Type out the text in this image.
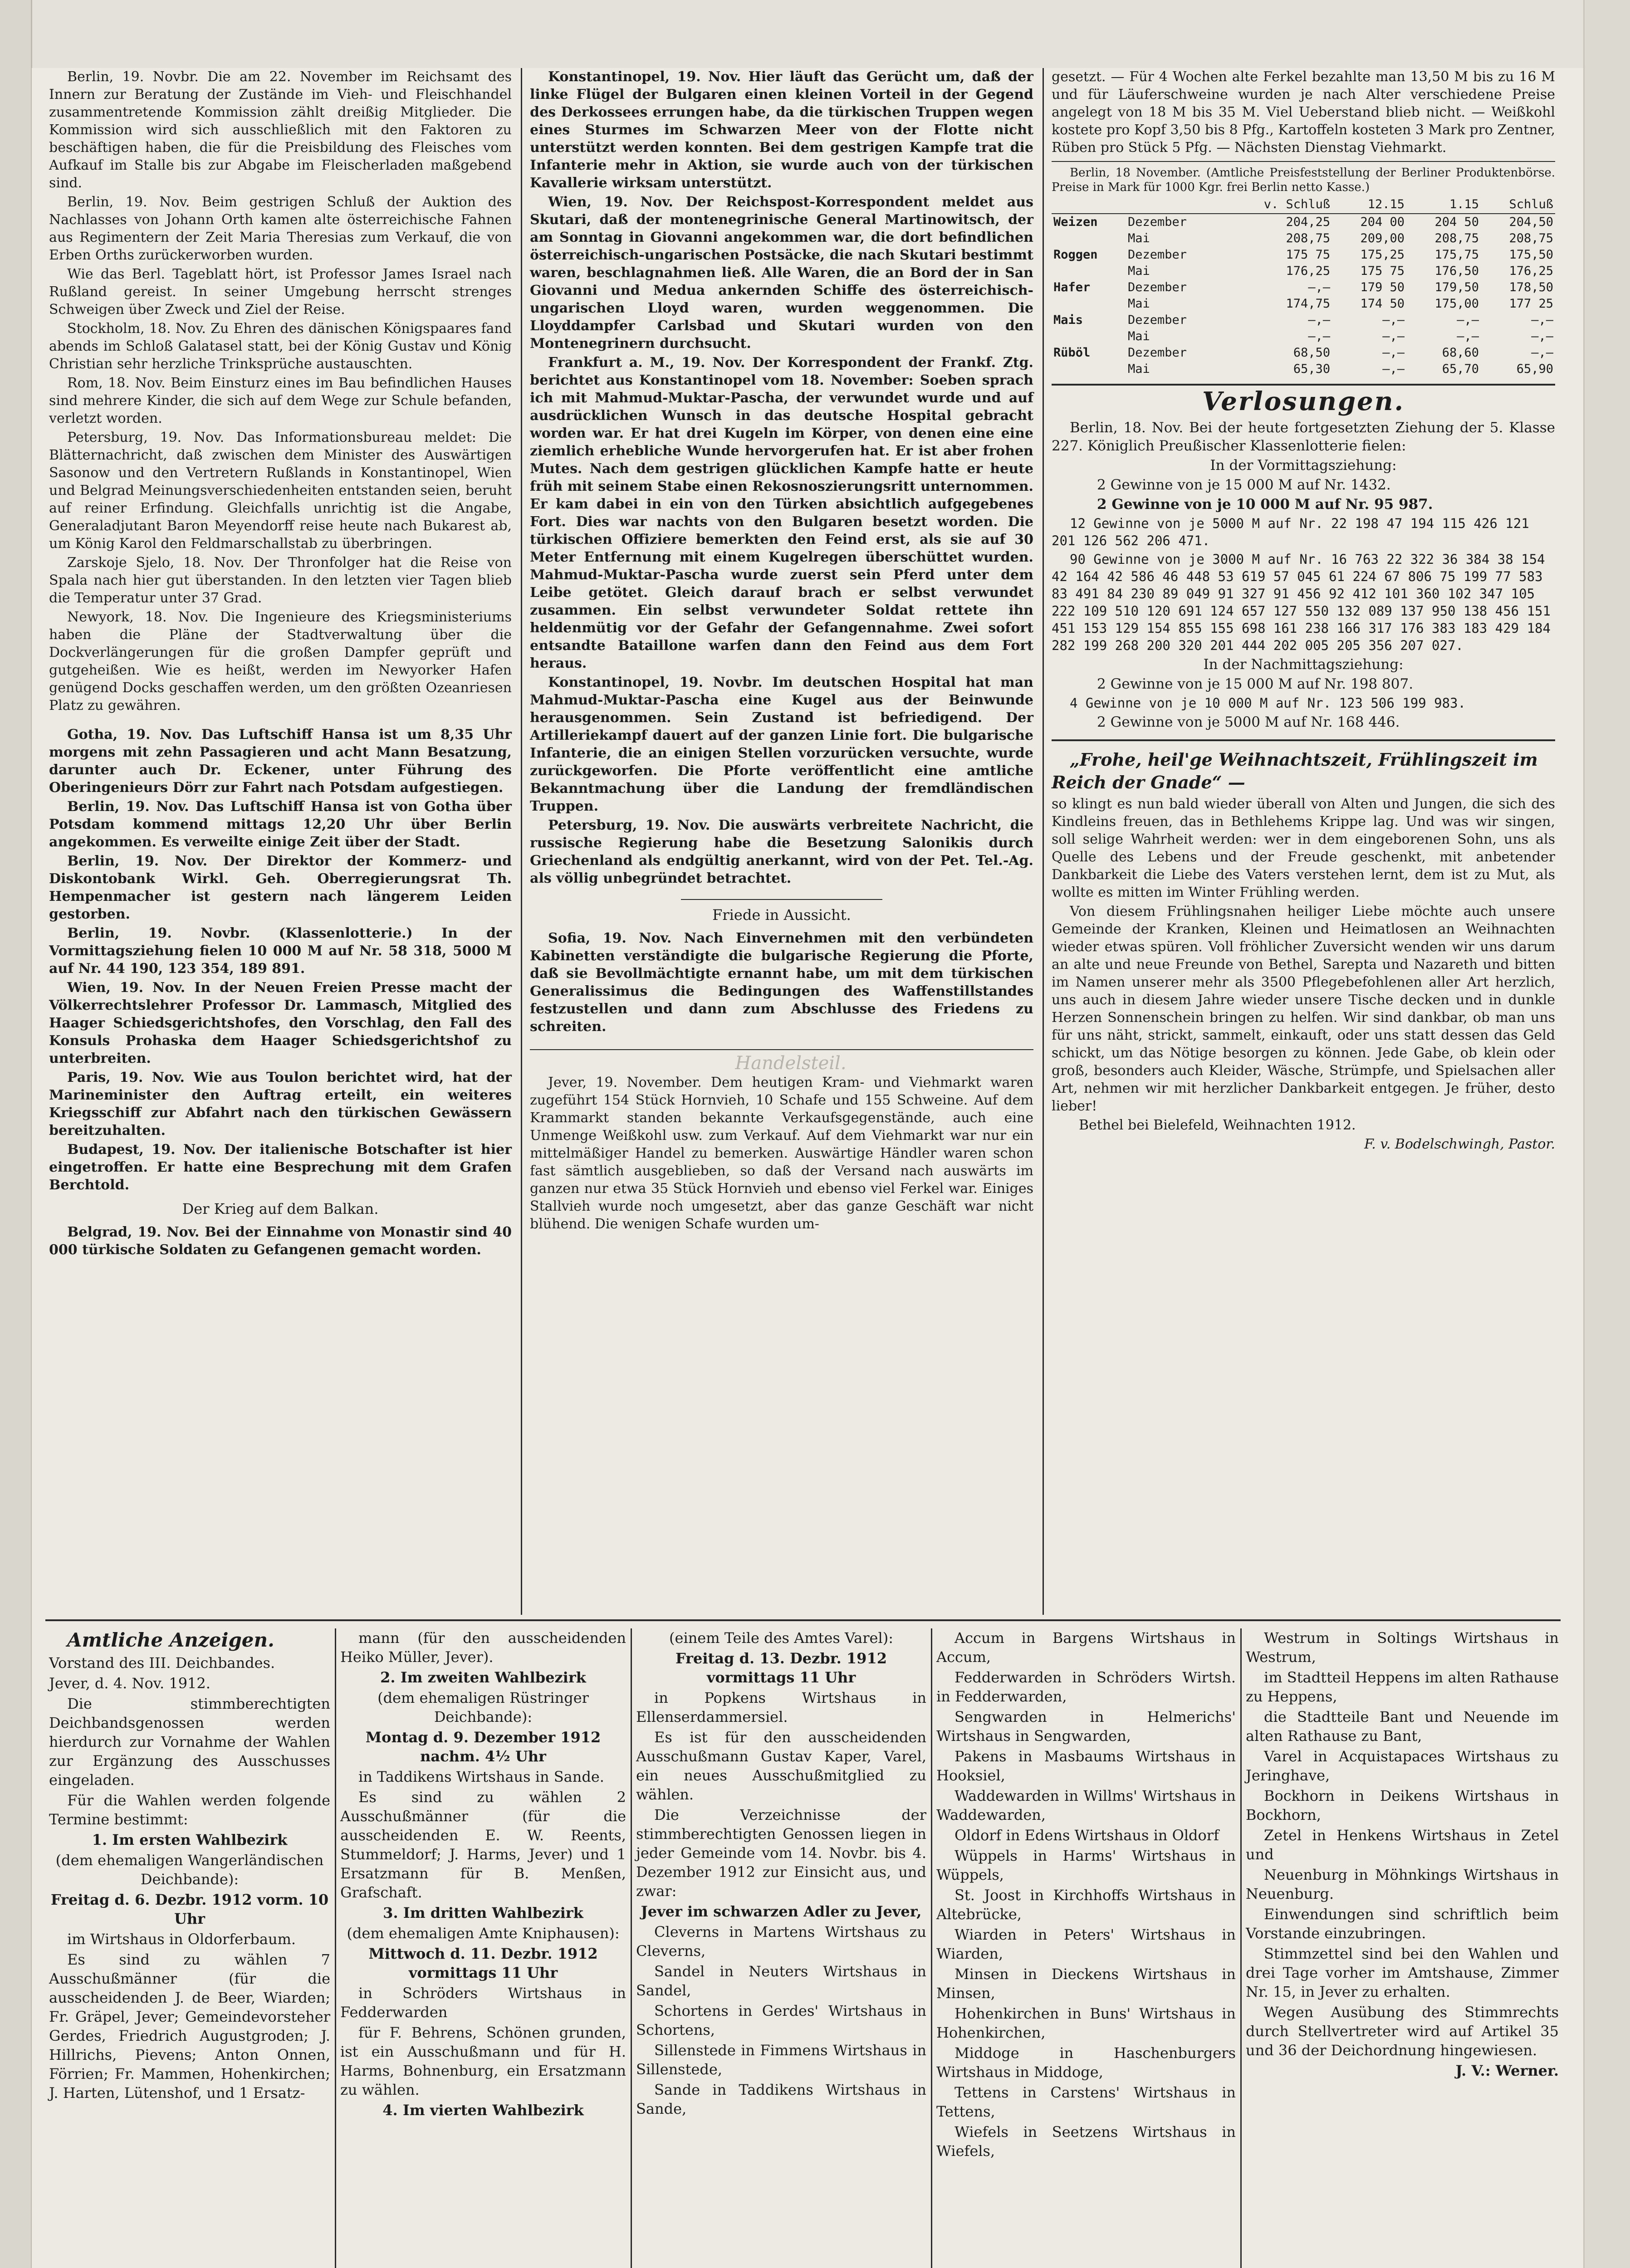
Berlin, 19. Novbr. Die am 22. November im Reichsamt des Innern zur Beratung der Zustände im Vieh- und Fleischhandel zusammentretende Kommission zählt dreißig Mitglieder. Die Kommission wird sich ausschließlich mit den Faktoren zu beschäftigen haben, die für die Preisbildung des Fleisches vom Aufkauf im Stalle bis zur Abgabe im Fleischerladen maßgebend sind.

Berlin, 19. Nov. Beim gestrigen Schluß der Auktion des Nachlasses von Johann Orth kamen alte österreichische Fahnen aus Regimentern der Zeit Maria Theresias zum Verkauf, die von Erben Orths zurückerworben wurden.

Wie das Berl. Tageblatt hört, ist Professor James Israel nach Rußland gereist. In seiner Umgebung herrscht strenges Schweigen über Zweck und Ziel der Reise.

Stockholm, 18. Nov. Zu Ehren des dänischen Königspaares fand abends im Schloß Galatasel statt, bei der König Gustav und König Christian sehr herzliche Trinksprüche austauschten.

Rom, 18. Nov. Beim Einsturz eines im Bau befindlichen Hauses sind mehrere Kinder, die sich auf dem Wege zur Schule befanden, verletzt worden.

Petersburg, 19. Nov. Das Informationsbureau meldet: Die Blätternachricht, daß zwischen dem Minister des Auswärtigen Sasonow und den Vertretern Rußlands in Konstantinopel, Wien und Belgrad Meinungsverschiedenheiten entstanden seien, beruht auf reiner Erfindung. Gleichfalls unrichtig ist die Angabe, Generaladjutant Baron Meyendorff reise heute nach Bukarest ab, um König Karol den Feldmarschallstab zu überbringen.

Zarskoje Sjelo, 18. Nov. Der Thronfolger hat die Reise von Spala nach hier gut überstanden. In den letzten vier Tagen blieb die Temperatur unter 37 Grad.

Newyork, 18. Nov. Die Ingenieure des Kriegsministeriums haben die Pläne der Stadtverwaltung über die Dockverlängerungen für die großen Dampfer geprüft und gutgeheißen. Wie es heißt, werden im Newyorker Hafen genügend Docks geschaffen werden, um den größten Ozeanriesen Platz zu gewähren.

Gotha, 19. Nov. Das Luftschiff Hansa ist um 8,35 Uhr morgens mit zehn Passagieren und acht Mann Besatzung, darunter auch Dr. Eckener, unter Führung des Oberingenieurs Dörr zur Fahrt nach Potsdam aufgestiegen.

Berlin, 19. Nov. Das Luftschiff Hansa ist von Gotha über Potsdam kommend mittags 12,20 Uhr über Berlin angekommen. Es verweilte einige Zeit über der Stadt.

Berlin, 19. Nov. Der Direktor der Kommerz- und Diskontobank Wirkl. Geh. Oberregierungsrat Th. Hempenmacher ist gestern nach längerem Leiden gestorben.

Berlin, 19. Novbr. (Klassenlotterie.) In der Vormittagsziehung fielen 10 000 M auf Nr. 58 318, 5000 M auf Nr. 44 190, 123 354, 189 891.

Wien, 19. Nov. In der Neuen Freien Presse macht der Völkerrechtslehrer Professor Dr. Lammasch, Mitglied des Haager Schiedsgerichtshofes, den Vorschlag, den Fall des Konsuls Prohaska dem Haager Schiedsgerichtshof zu unterbreiten.

Paris, 19. Nov. Wie aus Toulon berichtet wird, hat der Marineminister den Auftrag erteilt, ein weiteres Kriegsschiff zur Abfahrt nach den türkischen Gewässern bereitzuhalten.

Budapest, 19. Nov. Der italienische Botschafter ist hier eingetroffen. Er hatte eine Besprechung mit dem Grafen Berchtold.

Der Krieg auf dem Balkan.

Belgrad, 19. Nov. Bei der Einnahme von Monastir sind 40 000 türkische Soldaten zu Gefangenen gemacht worden.

Konstantinopel, 19. Nov. Hier läuft das Gerücht um, daß der linke Flügel der Bulgaren einen kleinen Vorteil in der Gegend des Derkossees errungen habe, da die türkischen Truppen wegen eines Sturmes im Schwarzen Meer von der Flotte nicht unterstützt werden konnten. Bei dem gestrigen Kampfe trat die Infanterie mehr in Aktion, sie wurde auch von der türkischen Kavallerie wirksam unterstützt.

Wien, 19. Nov. Der Reichspost-Korrespondent meldet aus Skutari, daß der montenegrinische General Martinowitsch, der am Sonntag in Giovanni angekommen war, die dort befindlichen österreichisch-ungarischen Postsäcke, die nach Skutari bestimmt waren, beschlagnahmen ließ. Alle Waren, die an Bord der in San Giovanni und Medua ankernden Schiffe des österreichisch-ungarischen Lloyd waren, wurden weggenommen. Die Lloyddampfer Carlsbad und Skutari wurden von den Montenegrinern durchsucht.

Frankfurt a. M., 19. Nov. Der Korrespondent der Frankf. Ztg. berichtet aus Konstantinopel vom 18. November: Soeben sprach ich mit Mahmud-Muktar-Pascha, der verwundet wurde und auf ausdrücklichen Wunsch in das deutsche Hospital gebracht worden war. Er hat drei Kugeln im Körper, von denen eine eine ziemlich erhebliche Wunde hervorgerufen hat. Er ist aber frohen Mutes. Nach dem gestrigen glücklichen Kampfe hatte er heute früh mit seinem Stabe einen Rekosnoszierungsritt unternommen. Er kam dabei in ein von den Türken absichtlich aufgegebenes Fort. Dies war nachts von den Bulgaren besetzt worden. Die türkischen Offiziere bemerkten den Feind erst, als sie auf 30 Meter Entfernung mit einem Kugelregen überschüttet wurden. Mahmud-Muktar-Pascha wurde zuerst sein Pferd unter dem Leibe getötet. Gleich darauf brach er selbst verwundet zusammen. Ein selbst verwundeter Soldat rettete ihn heldenmütig vor der Gefahr der Gefangennahme. Zwei sofort entsandte Bataillone warfen dann den Feind aus dem Fort heraus.

Konstantinopel, 19. Novbr. Im deutschen Hospital hat man Mahmud-Muktar-Pascha eine Kugel aus der Beinwunde herausgenommen. Sein Zustand ist befriedigend. Der Artilleriekampf dauert auf der ganzen Linie fort. Die bulgarische Infanterie, die an einigen Stellen vorzurücken versuchte, wurde zurückgeworfen. Die Pforte veröffentlicht eine amtliche Bekanntmachung über die Landung der fremdländischen Truppen.

Petersburg, 19. Nov. Die auswärts verbreitete Nachricht, die russische Regierung habe die Besetzung Salonikis durch Griechenland als endgültig anerkannt, wird von der Pet. Tel.-Ag. als völlig unbegründet betrachtet.

Friede in Aussicht.

Sofia, 19. Nov. Nach Einvernehmen mit den verbündeten Kabinetten verständigte die bulgarische Regierung die Pforte, daß sie Bevollmächtigte ernannt habe, um mit dem türkischen Generalissimus die Bedingungen des Waffenstillstandes festzustellen und dann zum Abschlusse des Friedens zu schreiten.

Handelsteil.

Jever, 19. November. Dem heutigen Kram- und Viehmarkt waren zugeführt 154 Stück Hornvieh, 10 Schafe und 155 Schweine. Auf dem Krammarkt standen bekannte Verkaufsgegenstände, auch eine Unmenge Weißkohl usw. zum Verkauf. Auf dem Viehmarkt war nur ein mittelmäßiger Handel zu bemerken. Auswärtige Händler waren schon fast sämtlich ausgeblieben, so daß der Versand nach auswärts im ganzen nur etwa 35 Stück Hornvieh und ebenso viel Ferkel war. Einiges Stallvieh wurde noch umgesetzt, aber das ganze Geschäft war nicht blühend. Die wenigen Schafe wurden um-

gesetzt. — Für 4 Wochen alte Ferkel bezahlte man 13,50 M bis zu 16 M und für Läuferschweine wurden je nach Alter verschiedene Preise angelegt von 18 M bis 35 M. Viel Ueberstand blieb nicht. — Weißkohl kostete pro Kopf 3,50 bis 8 Pfg., Kartoffeln kosteten 3 Mark pro Zentner, Rüben pro Stück 5 Pfg. — Nächsten Dienstag Viehmarkt.

Berlin, 18 November. (Amtliche Preisfeststellung der Berliner Produktenbörse. Preise in Mark für 1000 Kgr. frei Berlin netto Kasse.)

		v. Schluß	12.15	1.15	Schluß
Weizen	Dezember	204,25	204 00	204 50	204,50
	Mai	208,75	209,00	208,75	208,75
Roggen	Dezember	175 75	175,25	175,75	175,50
	Mai	176,25	175 75	176,50	176,25
Hafer	Dezember	—,—	179 50	179,50	178,50
	Mai	174,75	174 50	175,00	177 25
Mais	Dezember	—,—	—,—	—,—	—,—
	Mai	—,—	—,—	—,—	—,—
Rüböl	Dezember	68,50	—,—	68,60	—,—
	Mai	65,30	—,—	65,70	65,90
Verlosungen.

Berlin, 18. Nov. Bei der heute fortgesetzten Ziehung der 5. Klasse 227. Königlich Preußischer Klassenlotterie fielen:

In der Vormittagsziehung:

2 Gewinne von je 15 000 M auf Nr. 1432.

2 Gewinne von je 10 000 M auf Nr. 95 987.

12 Gewinne von je 5000 M auf Nr. 22 198 47 194 115 426 121 201 126 562 206 471.

90 Gewinne von je 3000 M auf Nr. 16 763 22 322 36 384 38 154 42 164 42 586 46 448 53 619 57 045 61 224 67 806 75 199 77 583 83 491 84 230 89 049 91 327 91 456 92 412 101 360 102 347 105 222 109 510 120 691 124 657 127 550 132 089 137 950 138 456 151 451 153 129 154 855 155 698 161 238 166 317 176 383 183 429 184 282 199 268 200 320 201 444 202 005 205 356 207 027.

In der Nachmittagsziehung:

2 Gewinne von je 15 000 M auf Nr. 198 807.

4 Gewinne von je 10 000 M auf Nr. 123 506 199 983.

2 Gewinne von je 5000 M auf Nr. 168 446.

„Frohe, heil'ge Weihnachtszeit, Frühlingszeit im Reich der Gnade“ —

so klingt es nun bald wieder überall von Alten und Jungen, die sich des Kindleins freuen, das in Bethlehems Krippe lag. Und was wir singen, soll selige Wahrheit werden: wer in dem eingeborenen Sohn, uns als Quelle des Lebens und der Freude geschenkt, mit anbetender Dankbarkeit die Liebe des Vaters verstehen lernt, dem ist zu Mut, als wollte es mitten im Winter Frühling werden.

Von diesem Frühlingsnahen heiliger Liebe möchte auch unsere Gemeinde der Kranken, Kleinen und Heimatlosen an Weihnachten wieder etwas spüren. Voll fröhlicher Zuversicht wenden wir uns darum an alte und neue Freunde von Bethel, Sarepta und Nazareth und bitten im Namen unserer mehr als 3500 Pflegebefohlenen aller Art herzlich, uns auch in diesem Jahre wieder unsere Tische decken und in dunkle Herzen Sonnenschein bringen zu helfen. Wir sind dankbar, ob man uns für uns näht, strickt, sammelt, einkauft, oder uns statt dessen das Geld schickt, um das Nötige besorgen zu können. Jede Gabe, ob klein oder groß, besonders auch Kleider, Wäsche, Strümpfe, und Spielsachen aller Art, nehmen wir mit herzlicher Dankbarkeit entgegen. Je früher, desto lieber!

Bethel bei Bielefeld, Weihnachten 1912.

F. v. Bodelschwingh, Pastor.

Amtliche Anzeigen.

Vorstand des III. Deichbandes.

Jever, d. 4. Nov. 1912.

Die stimmberechtigten Deichbandsgenossen werden hierdurch zur Vornahme der Wahlen zur Ergänzung des Ausschusses eingeladen.

Für die Wahlen werden folgende Termine bestimmt:

1. Im ersten Wahlbezirk

(dem ehemaligen Wangerländischen Deichbande):

Freitag d. 6. Dezbr. 1912 vorm. 10 Uhr

im Wirtshaus in Oldorferbaum.

Es sind zu wählen 7 Ausschußmänner (für die ausscheidenden J. de Beer, Wiarden; Fr. Gräpel, Jever; Gemeindevorsteher Gerdes, Friedrich Augustgroden; J. Hillrichs, Pievens; Anton Onnen, Förrien; Fr. Mammen, Hohenkirchen; J. Harten, Lütenshof, und 1 Ersatz-

mann (für den ausscheidenden Heiko Müller, Jever).

2. Im zweiten Wahlbezirk

(dem ehemaligen Rüstringer Deichbande):

Montag d. 9. Dezember 1912 nachm. 4½ Uhr

in Taddikens Wirtshaus in Sande.

Es sind zu wählen 2 Ausschußmänner (für die ausscheidenden E. W. Reents, Stummeldorf; J. Harms, Jever) und 1 Ersatzmann für B. Menßen, Grafschaft.

3. Im dritten Wahlbezirk

(dem ehemaligen Amte Kniphausen):

Mittwoch d. 11. Dezbr. 1912 vormittags 11 Uhr

in Schröders Wirtshaus in Fedderwarden

für F. Behrens, Schönen grunden, ist ein Ausschußmann und für H. Harms, Bohnenburg, ein Ersatzmann zu wählen.

4. Im vierten Wahlbezirk

(einem Teile des Amtes Varel):

Freitag d. 13. Dezbr. 1912 vormittags 11 Uhr

in Popkens Wirtshaus in Ellenserdammersiel.

Es ist für den ausscheidenden Ausschußmann Gustav Kaper, Varel, ein neues Ausschußmitglied zu wählen.

Die Verzeichnisse der stimmberechtigten Genossen liegen in jeder Gemeinde vom 14. Novbr. bis 4. Dezember 1912 zur Einsicht aus, und zwar:

Jever im schwarzen Adler zu Jever,

Cleverns in Martens Wirtshaus zu Cleverns,

Sandel in Neuters Wirtshaus in Sandel,

Schortens in Gerdes' Wirtshaus in Schortens,

Sillenstede in Fimmens Wirtshaus in Sillenstede,

Sande in Taddikens Wirtshaus in Sande,

Accum in Bargens Wirtshaus in Accum,

Fedderwarden in Schröders Wirtsh. in Fedderwarden,

Sengwarden in Helmerichs' Wirtshaus in Sengwarden,

Pakens in Masbaums Wirtshaus in Hooksiel,

Waddewarden in Willms' Wirtshaus in Waddewarden,

Oldorf in Edens Wirtshaus in Oldorf

Wüppels in Harms' Wirtshaus in Wüppels,

St. Joost in Kirchhoffs Wirtshaus in Altebrücke,

Wiarden in Peters' Wirtshaus in Wiarden,

Minsen in Dieckens Wirtshaus in Minsen,

Hohenkirchen in Buns' Wirtshaus in Hohenkirchen,

Middoge in Haschenburgers Wirtshaus in Middoge,

Tettens in Carstens' Wirtshaus in Tettens,

Wiefels in Seetzens Wirtshaus in Wiefels,

Westrum in Soltings Wirtshaus in Westrum,

im Stadtteil Heppens im alten Rathause zu Heppens,

die Stadtteile Bant und Neuende im alten Rathause zu Bant,

Varel in Acquistapaces Wirtshaus zu Jeringhave,

Bockhorn in Deikens Wirtshaus in Bockhorn,

Zetel in Henkens Wirtshaus in Zetel und

Neuenburg in Möhnkings Wirtshaus in Neuenburg.

Einwendungen sind schriftlich beim Vorstande einzubringen.

Stimmzettel sind bei den Wahlen und drei Tage vorher im Amtshause, Zimmer Nr. 15, in Jever zu erhalten.

Wegen Ausübung des Stimmrechts durch Stellvertreter wird auf Artikel 35 und 36 der Deichordnung hingewiesen.

J. V.: Werner.
